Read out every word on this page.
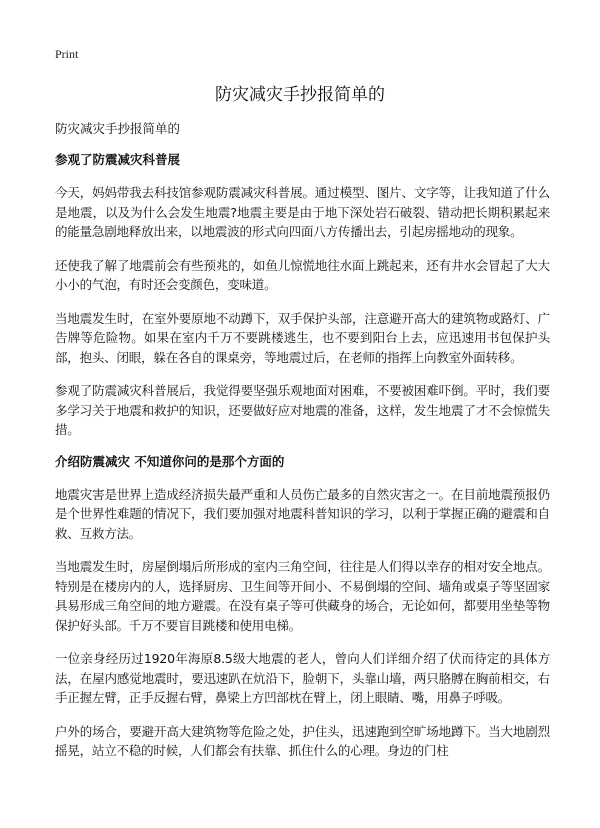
Print
防灾减灾手抄报简单的

防灾减灾手抄报简单的

参观了防震减灾科普展

今天，妈妈带我去科技馆参观防震减灾科普展。通过模型、图片、文字等，让我知道了什么是地震，以及为什么会发生地震?地震主要是由于地下深处岩石破裂、错动把长期积累起来的能量急剧地释放出来，以地震波的形式向四面八方传播出去，引起房摇地动的现象。

还使我了解了地震前会有些预兆的，如鱼儿惊慌地往水面上跳起来，还有井水会冒起了大大小小的气泡，有时还会变颜色，变味道。

当地震发生时，在室外要原地不动蹲下，双手保护头部，注意避开高大的建筑物或路灯、广告牌等危险物。如果在室内千万不要跳楼逃生，也不要到阳台上去，应迅速用书包保护头部，抱头、闭眼，躲在各自的课桌旁，等地震过后，在老师的指挥上向教室外面转移。

参观了防震减灾科普展后，我觉得要坚强乐观地面对困难，不要被困难吓倒。平时，我们要多学习关于地震和救护的知识，还要做好应对地震的准备，这样，发生地震了才不会惊慌失措。

介绍防震减灾 不知道你问的是那个方面的

地震灾害是世界上造成经济损失最严重和人员伤亡最多的自然灾害之一。在目前地震预报仍是个世界性难题的情况下，我们要加强对地震科普知识的学习，以利于掌握正确的避震和自救、互救方法。

当地震发生时，房屋倒塌后所形成的室内三角空间，往往是人们得以幸存的相对安全地点。特别是在楼房内的人，选择厨房、卫生间等开间小、不易倒塌的空间、墙角或桌子等坚固家具易形成三角空间的地方避震。在没有桌子等可供藏身的场合，无论如何，都要用坐垫等物保护好头部。千万不要盲目跳楼和使用电梯。

一位亲身经历过1920年海原8.5级大地震的老人，曾向人们详细介绍了伏而待定的具体方法，在屋内感觉地震时，要迅速趴在炕沿下，脸朝下，头靠山墙，两只胳膊在胸前相交，右手正握左臂，正手反握右臂，鼻梁上方凹部枕在臂上，闭上眼睛、嘴，用鼻子呼吸。

户外的场合，要避开高大建筑物等危险之处，护住头，迅速跑到空旷场地蹲下。当大地剧烈摇晃，站立不稳的时候，人们都会有扶靠、抓住什么的心理。身边的门柱
